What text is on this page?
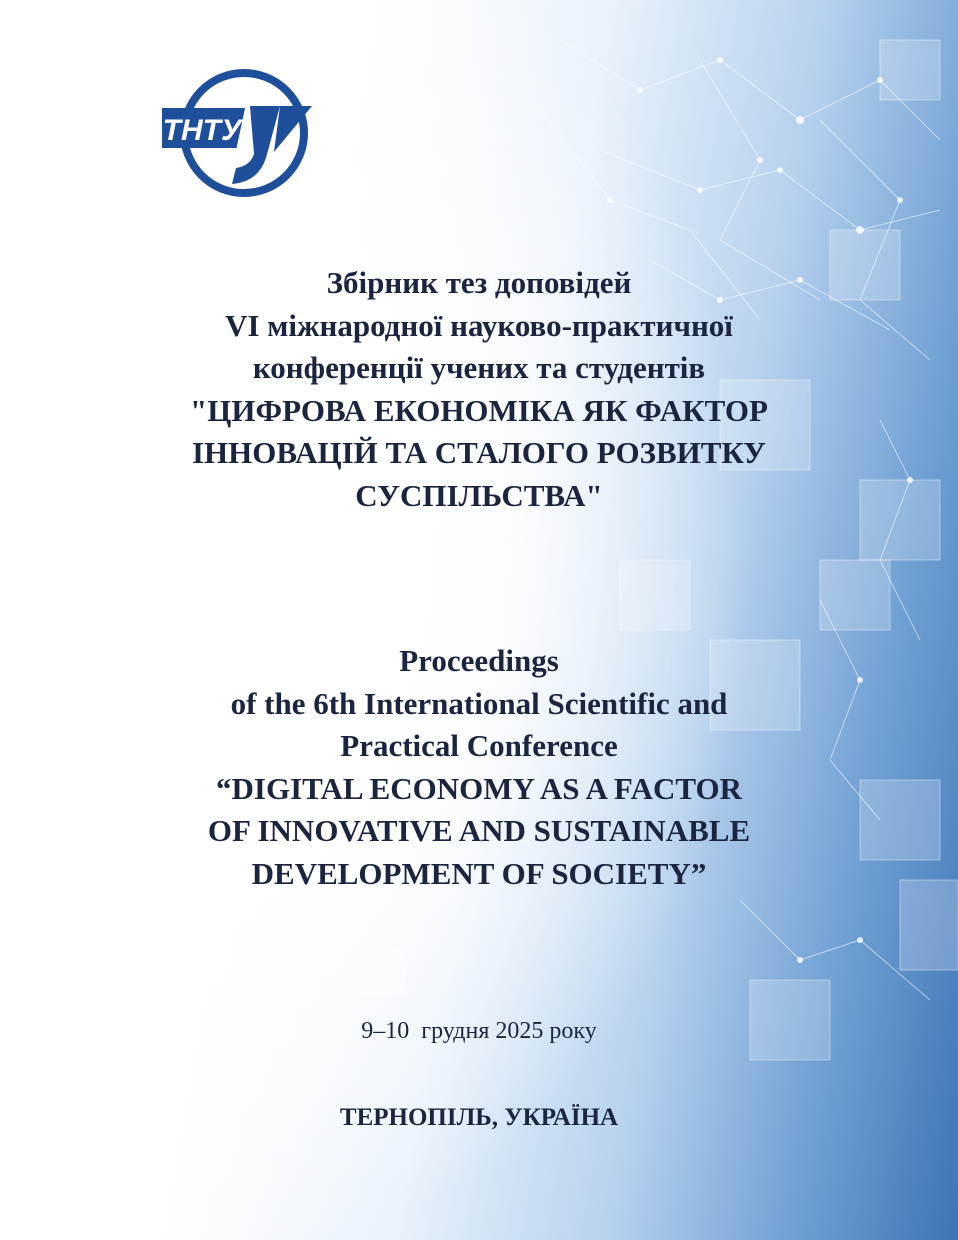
ТНТУ
Збірник тез доповідей
VI міжнародної науково-практичної
конференції учених та студентів
"ЦИФРОВА ЕКОНОМІКА ЯК ФАКТОР
ІННОВАЦІЙ ТА СТАЛОГО РОЗВИТКУ
СУСПІЛЬСТВА"
Proceedings
of the 6th International Scientific and
Practical Conference
“DIGITAL ECONOMY AS A FACTOR
OF INNOVATIVE AND SUSTAINABLE
DEVELOPMENT OF SOCIETY”
9–10  грудня 2025 року
ТЕРНОПІЛЬ, УКРАЇНА
